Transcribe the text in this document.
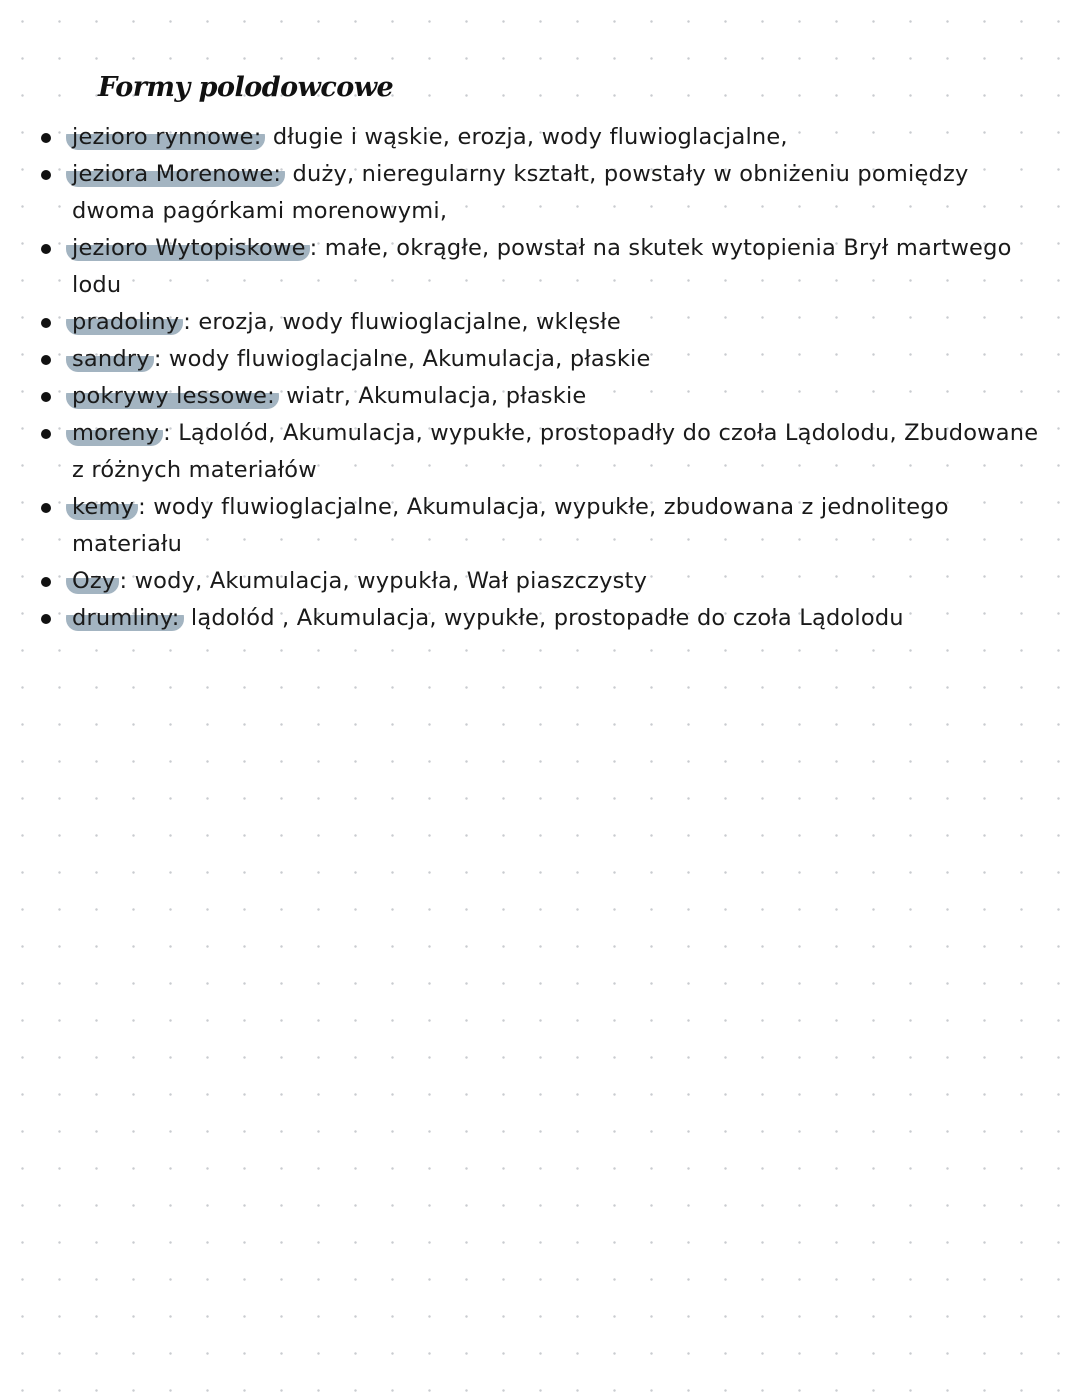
Formy polodowcowe
jezioro rynnowe: długie i wąskie, erozja, wody fluwioglacjalne,
jeziora Morenowe: duży, nieregularny kształt, powstały w obniżeniu pomiędzy dwoma pagórkami morenowymi,
jezioro Wytopiskowe : małe, okrągłe, powstał na skutek wytopienia Brył martwego lodu
pradoliny : erozja, wody fluwioglacjalne, wklęsłe
sandry : wody fluwioglacjalne, Akumulacja, płaskie
pokrywy lessowe: wiatr, Akumulacja, płaskie
moreny : Lądolód, Akumulacja, wypukłe, prostopadły do czoła Lądolodu, Zbudowane z różnych materiałów
kemy : wody fluwioglacjalne, Akumulacja, wypukłe, zbudowana z jednolitego materiału
Ozy : wody, Akumulacja, wypukła, Wał piaszczysty
drumliny: lądolód , Akumulacja, wypukłe, prostopadłe do czoła Lądolodu
